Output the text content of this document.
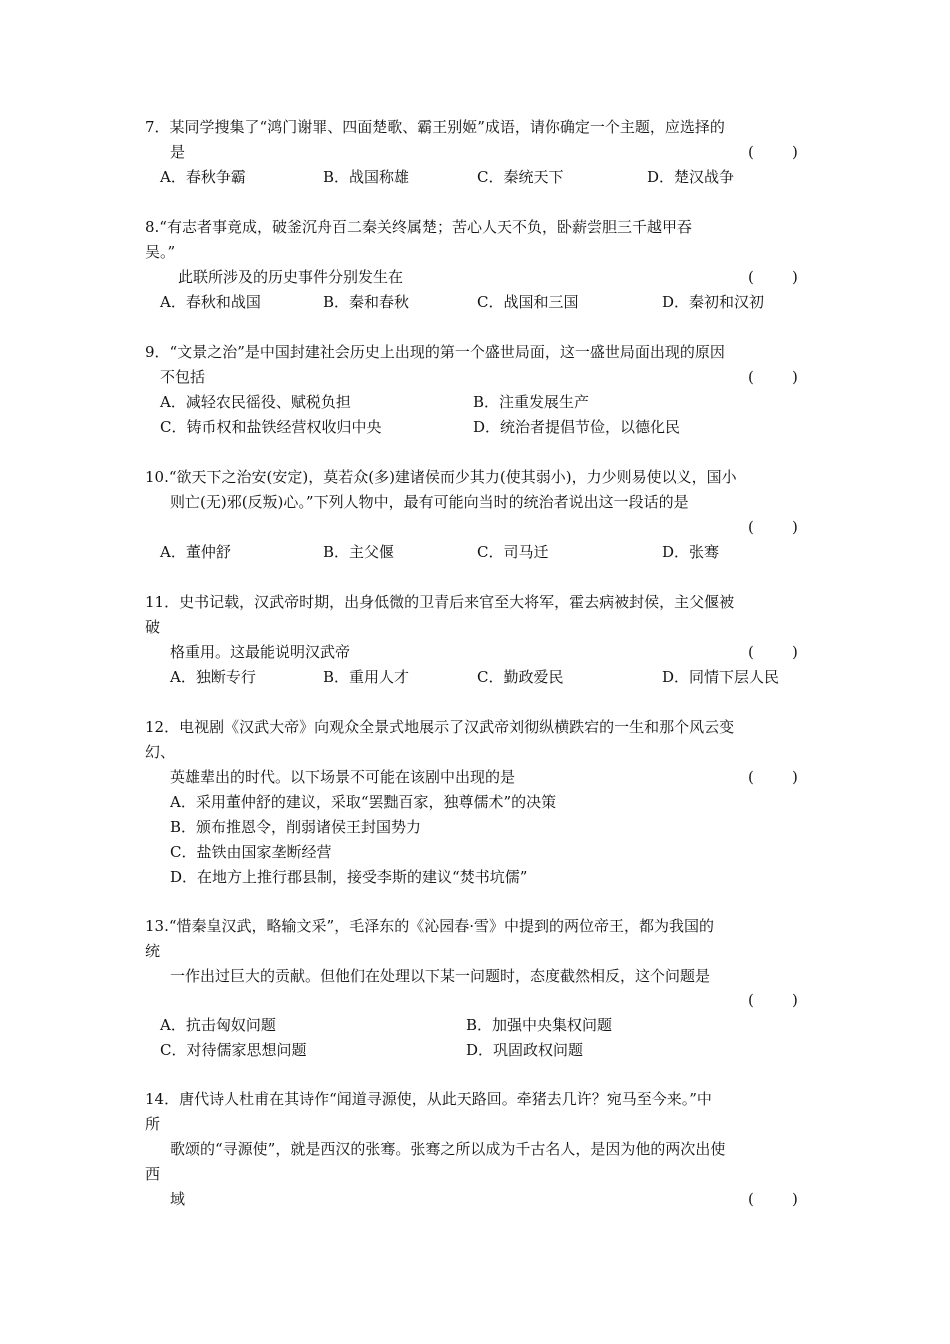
7．某同学搜集了“鸿门谢罪、四面楚歌、霸王别姬”成语，请你确定一个主题，应选择的
是	(        )
A．春秋争霸	B．战国称雄	C．秦统天下	D．楚汉战争
8.“有志者事竟成，破釜沉舟百二秦关终属楚；苦心人天不负，卧薪尝胆三千越甲吞
吴。”
此联所涉及的历史事件分别发生在	(        )
A．春秋和战国	B．秦和春秋	C．战国和三国	D．秦初和汉初
9．“文景之治”是中国封建社会历史上出现的第一个盛世局面，这一盛世局面出现的原因
不包括	(        )
A．减轻农民徭役、赋税负担	B．注重发展生产
C．铸币权和盐铁经营权收归中央	D．统治者提倡节俭，以德化民
10.“欲天下之治安(安定)，莫若众(多)建诸侯而少其力(使其弱小)，力少则易使以义，国小
则亡(无)邪(反叛)心。”下列人物中，最有可能向当时的统治者说出这一段话的是
(        )
A．董仲舒	B．主父偃	C．司马迁	D．张骞
11．史书记载，汉武帝时期，出身低微的卫青后来官至大将军，霍去病被封侯，主父偃被
破
格重用。这最能说明汉武帝	(        )
A．独断专行	B．重用人才	C．勤政爱民	D．同情下层人民
12．电视剧《汉武大帝》向观众全景式地展示了汉武帝刘彻纵横跌宕的一生和那个风云变
幻、
英雄辈出的时代。以下场景不可能在该剧中出现的是	(        )
A．采用董仲舒的建议，采取“罢黜百家，独尊儒术”的决策
B．颁布推恩令，削弱诸侯王封国势力
C．盐铁由国家垄断经营
D．在地方上推行郡县制，接受李斯的建议“焚书坑儒”
13.“惜秦皇汉武，略输文采”，毛泽东的《沁园春·雪》中提到的两位帝王，都为我国的
统
一作出过巨大的贡献。但他们在处理以下某一问题时，态度截然相反，这个问题是
(        )
A．抗击匈奴问题	B．加强中央集权问题
C．对待儒家思想问题	D．巩固政权问题
14．唐代诗人杜甫在其诗作“闻道寻源使，从此天路回。牵猪去几许？宛马至今来。”中
所
歌颂的“寻源使”，就是西汉的张骞。张骞之所以成为千古名人，是因为他的两次出使
西
域	(        )
